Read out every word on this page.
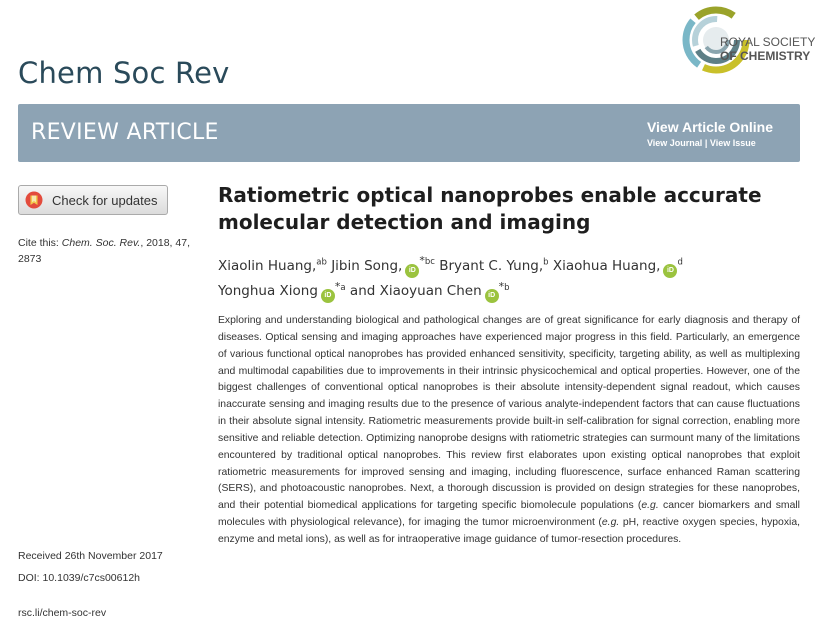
Chem Soc Rev
ROYAL SOCIETY
OF CHEMISTRY
REVIEW ARTICLE	View Article Online
View Journal | View Issue
Check for updates
Cite this: Chem. Soc. Rev., 2018, 47, 2873
Ratiometric optical nanoprobes enable accurate molecular detection and imaging
Xiaolin Huang,$^{ab}$ Jibin Song, $iD^{*bc}$ Bryant C. Yung,$^b$ Xiaohua Huang, $iD^d$
Yonghua Xiong $iD^{*a}$ and Xiaoyuan Chen $iD^{*b}$
Exploring and understanding biological and pathological changes are of great significance for early diagnosis and therapy of diseases. Optical sensing and imaging approaches have experienced major progress in this field. Particularly, an emergence of various functional optical nanoprobes has provided enhanced sensitivity, specificity, targeting ability, as well as multiplexing and multimodal capabilities due to improvements in their intrinsic physicochemical and optical properties. However, one of the biggest challenges of conventional optical nanoprobes is their absolute intensity-dependent signal readout, which causes inaccurate sensing and imaging results due to the presence of various analyte-independent factors that can cause fluctuations in their absolute signal intensity. Ratiometric measurements provide built-in self-calibration for signal correction, enabling more sensitive and reliable detection. Optimizing nanoprobe designs with ratiometric strategies can surmount many of the limitations encountered by traditional optical nanoprobes. This review first elaborates upon existing optical nanoprobes that exploit ratiometric measurements for improved sensing and imaging, including fluorescence, surface enhanced Raman scattering (SERS), and photoacoustic nanoprobes. Next, a thorough discussion is provided on design strategies for these nanoprobes, and their potential biomedical applications for targeting specific biomolecule populations (e.g. cancer biomarkers and small molecules with physiological relevance), for imaging the tumor microenvironment (e.g. pH, reactive oxygen species, hypoxia, enzyme and metal ions), as well as for intraoperative image guidance of tumor-resection procedures.
Received 26th November 2017
DOI: 10.1039/c7cs00612h
rsc.li/chem-soc-rev
